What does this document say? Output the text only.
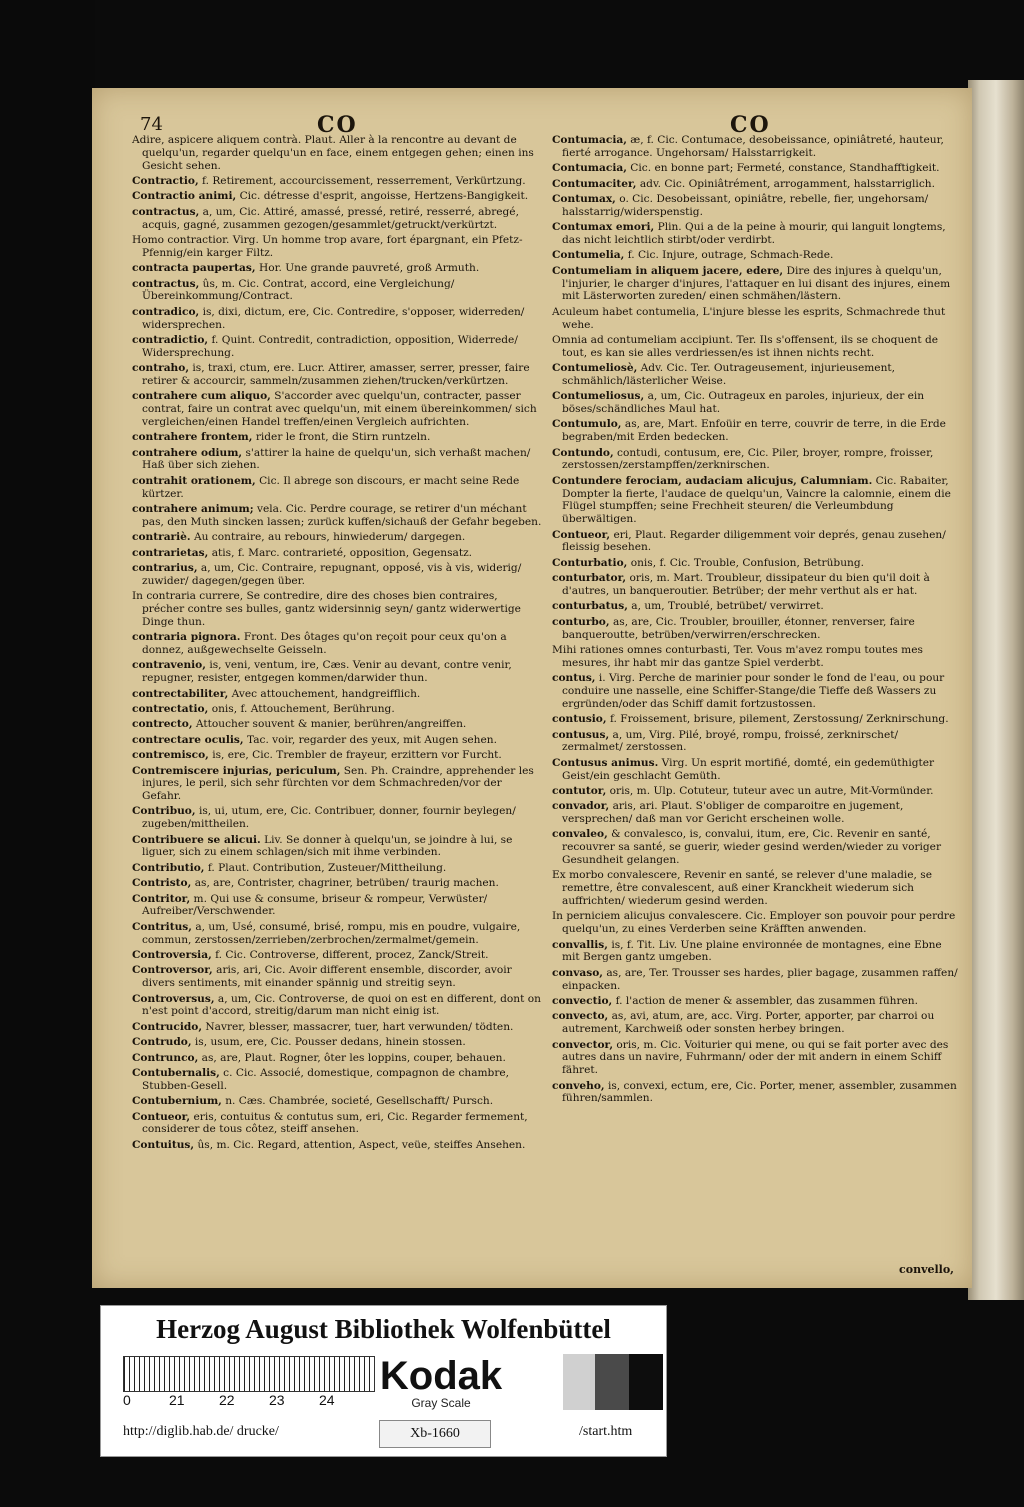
74	CO	CO

Adire, aspicere aliquem contrà. Plaut. Aller à la rencontre au devant de quelqu'un, regarder quelqu'un en face, einem entgegen gehen; einen ins Gesicht sehen.

Contractio, f. Retirement, accourcissement, resserrement, Verkürtzung.

Contractio animi, Cic. détresse d'esprit, angoisse, Hertzens-Bangigkeit.

contractus, a, um, Cic. Attiré, amassé, pressé, retiré, resserré, abregé, acquis, gagné, zusammen gezogen/gesammlet/getruckt/verkürtzt.

Homo contractior. Virg. Un homme trop avare, fort épargnant, ein Pfetz-Pfennig/ein karger Filtz.

contracta paupertas, Hor. Une grande pauvreté, groß Armuth.

contractus, ûs, m. Cic. Contrat, accord, eine Vergleichung/ Übereinkommung/Contract.

contradico, is, dixi, dictum, ere, Cic. Contredire, s'opposer, widerreden/ widersprechen.

contradictio, f. Quint. Contredit, contradiction, opposition, Widerrede/ Widersprechung.

contraho, is, traxi, ctum, ere. Lucr. Attirer, amasser, serrer, presser, faire retirer & accourcir, sammeln/zusammen ziehen/trucken/verkürtzen.

contrahere cum aliquo, S'accorder avec quelqu'un, contracter, passer contrat, faire un contrat avec quelqu'un, mit einem übereinkommen/ sich vergleichen/einen Handel treffen/einen Vergleich aufrichten.

contrahere frontem, rider le front, die Stirn runtzeln.

contrahere odium, s'attirer la haine de quelqu'un, sich verhaßt machen/ Haß über sich ziehen.

contrahit orationem, Cic. Il abrege son discours, er macht seine Rede kürtzer.

contrahere animum; vela. Cic. Perdre courage, se retirer d'un méchant pas, den Muth sincken lassen; zurück kuffen/sichauß der Gefahr begeben.

contrariè. Au contraire, au rebours, hinwiederum/ dargegen.

contrarietas, atis, f. Marc. contrarieté, opposition, Gegensatz.

contrarius, a, um, Cic. Contraire, repugnant, opposé, vis à vis, widerig/ zuwider/ dagegen/gegen über.

In contraria currere, Se contredire, dire des choses bien contraires, précher contre ses bulles, gantz widersinnig seyn/ gantz widerwertige Dinge thun.

contraria pignora. Front. Des ôtages qu'on reçoit pour ceux qu'on a donnez, außgewechselte Geisseln.

contravenio, is, veni, ventum, ire, Cæs. Venir au devant, contre venir, repugner, resister, entgegen kommen/darwider thun.

contrectabiliter, Avec attouchement, handgreifflich.

contrectatio, onis, f. Attouchement, Berührung.

contrecto, Attoucher souvent & manier, berühren/angreiffen.

contrectare oculis, Tac. voir, regarder des yeux, mit Augen sehen.

contremisco, is, ere, Cic. Trembler de frayeur, erzittern vor Furcht.

Contremiscere injurias, periculum, Sen. Ph. Craindre, apprehender les injures, le peril, sich sehr fürchten vor dem Schmachreden/vor der Gefahr.

Contribuo, is, ui, utum, ere, Cic. Contribuer, donner, fournir beylegen/ zugeben/mittheilen.

Contribuere se alicui. Liv. Se donner à quelqu'un, se joindre à lui, se liguer, sich zu einem schlagen/sich mit ihme verbinden.

Contributio, f. Plaut. Contribution, Zusteuer/Mittheilung.

Contristo, as, are, Contrister, chagriner, betrüben/ traurig machen.

Contritor, m. Qui use & consume, briseur & rompeur, Verwüster/ Aufreiber/Verschwender.

Contritus, a, um, Usé, consumé, brisé, rompu, mis en poudre, vulgaire, commun, zerstossen/zerrieben/zerbrochen/zermalmet/gemein.

Controversia, f. Cic. Controverse, different, procez, Zanck/Streit.

Controversor, aris, ari, Cic. Avoir different ensemble, discorder, avoir divers sentiments, mit einander spännig und streitig seyn.

Controversus, a, um, Cic. Controverse, de quoi on est en different, dont on n'est point d'accord, streitig/darum man nicht einig ist.

Contrucido, Navrer, blesser, massacrer, tuer, hart verwunden/ tödten.

Contrudo, is, usum, ere, Cic. Pousser dedans, hinein stossen.

Contrunco, as, are, Plaut. Rogner, ôter les loppins, couper, behauen.

Contubernalis, c. Cic. Associé, domestique, compagnon de chambre, Stubben-Gesell.

Contubernium, n. Cæs. Chambrée, societé, Gesellschafft/ Pursch.

Contueor, eris, contuitus & contutus sum, eri, Cic. Regarder fermement, considerer de tous côtez, steiff ansehen.

Contuitus, ûs, m. Cic. Regard, attention, Aspect, veüe, steiffes Ansehen.

Contumacia, æ, f. Cic. Contumace, desobeissance, opiniâtreté, hauteur, fierté arrogance. Ungehorsam/ Halsstarrigkeit.

Contumacia, Cic. en bonne part; Fermeté, constance, Standhafftigkeit.

Contumaciter, adv. Cic. Opiniâtrément, arrogamment, halsstarriglich.

Contumax, o. Cic. Desobeissant, opiniâtre, rebelle, fier, ungehorsam/ halsstarrig/widerspenstig.

Contumax emori, Plin. Qui a de la peine à mourir, qui languit longtems, das nicht leichtlich stirbt/oder verdirbt.

Contumelia, f. Cic. Injure, outrage, Schmach-Rede.

Contumeliam in aliquem jacere, edere, Dire des injures à quelqu'un, l'injurier, le charger d'injures, l'attaquer en lui disant des injures, einem mit Lästerworten zureden/ einen schmähen/lästern.

Aculeum habet contumelia, L'injure blesse les esprits, Schmachrede thut wehe.

Omnia ad contumeliam accipiunt. Ter. Ils s'offensent, ils se choquent de tout, es kan sie alles verdriessen/es ist ihnen nichts recht.

Contumeliosè, Adv. Cic. Ter. Outrageusement, injurieusement, schmählich/lästerlicher Weise.

Contumeliosus, a, um, Cic. Outrageux en paroles, injurieux, der ein böses/schändliches Maul hat.

Contumulo, as, are, Mart. Enfoüir en terre, couvrir de terre, in die Erde begraben/mit Erden bedecken.

Contundo, contudi, contusum, ere, Cic. Piler, broyer, rompre, froisser, zerstossen/zerstampffen/zerknirschen.

Contundere ferociam, audaciam alicujus, Calumniam. Cic. Rabaiter, Dompter la fierte, l'audace de quelqu'un, Vaincre la calomnie, einem die Flügel stumpffen; seine Frechheit steuren/ die Verleumbdung überwältigen.

Contueor, eri, Plaut. Regarder diligemment voir deprés, genau zusehen/ fleissig besehen.

Conturbatio, onis, f. Cic. Trouble, Confusion, Betrübung.

conturbator, oris, m. Mart. Troubleur, dissipateur du bien qu'il doit à d'autres, un banqueroutier. Betrüber; der mehr verthut als er hat.

conturbatus, a, um, Troublé, betrübet/ verwirret.

conturbo, as, are, Cic. Troubler, brouiller, étonner, renverser, faire banqueroutte, betrüben/verwirren/erschrecken.

Mihi rationes omnes conturbasti, Ter. Vous m'avez rompu toutes mes mesures, ihr habt mir das gantze Spiel verderbt.

contus, i. Virg. Perche de marinier pour sonder le fond de l'eau, ou pour conduire une nasselle, eine Schiffer-Stange/die Tieffe deß Wassers zu ergründen/oder das Schiff damit fortzustossen.

contusio, f. Froissement, brisure, pilement, Zerstossung/ Zerknirschung.

contusus, a, um, Virg. Pilé, broyé, rompu, froissé, zerknirschet/ zermalmet/ zerstossen.

Contusus animus. Virg. Un esprit mortifié, domté, ein gedemüthigter Geist/ein geschlacht Gemüth.

contutor, oris, m. Ulp. Cotuteur, tuteur avec un autre, Mit-Vormünder.

convador, aris, ari. Plaut. S'obliger de comparoitre en jugement, versprechen/ daß man vor Gericht erscheinen wolle.

convaleo, & convalesco, is, convalui, itum, ere, Cic. Revenir en santé, recouvrer sa santé, se guerir, wieder gesind werden/wieder zu voriger Gesundheit gelangen.

Ex morbo convalescere, Revenir en santé, se relever d'une maladie, se remettre, être convalescent, auß einer Kranckheit wiederum sich auffrichten/ wiederum gesind werden.

In perniciem alicujus convalescere. Cic. Employer son pouvoir pour perdre quelqu'un, zu eines Verderben seine Kräfften anwenden.

convallis, is, f. Tit. Liv. Une plaine environnée de montagnes, eine Ebne mit Bergen gantz umgeben.

convaso, as, are, Ter. Trousser ses hardes, plier bagage, zusammen raffen/ einpacken.

convectio, f. l'action de mener & assembler, das zusammen führen.

convecto, as, avi, atum, are, acc. Virg. Porter, apporter, par charroi ou autrement, Karchweiß oder sonsten herbey bringen.

convector, oris, m. Cic. Voiturier qui mene, ou qui se fait porter avec des autres dans un navire, Fuhrmann/ oder der mit andern in einem Schiff fähret.

conveho, is, convexi, ectum, ere, Cic. Porter, mener, assembler, zusammen führen/sammlen.

convello,
Herzog August Bibliothek Wolfenbüttel
0	21 22 23 24
Kodak
Gray Scale
http://diglib.hab.de/ drucke/	Xb-1660	/start.htm
